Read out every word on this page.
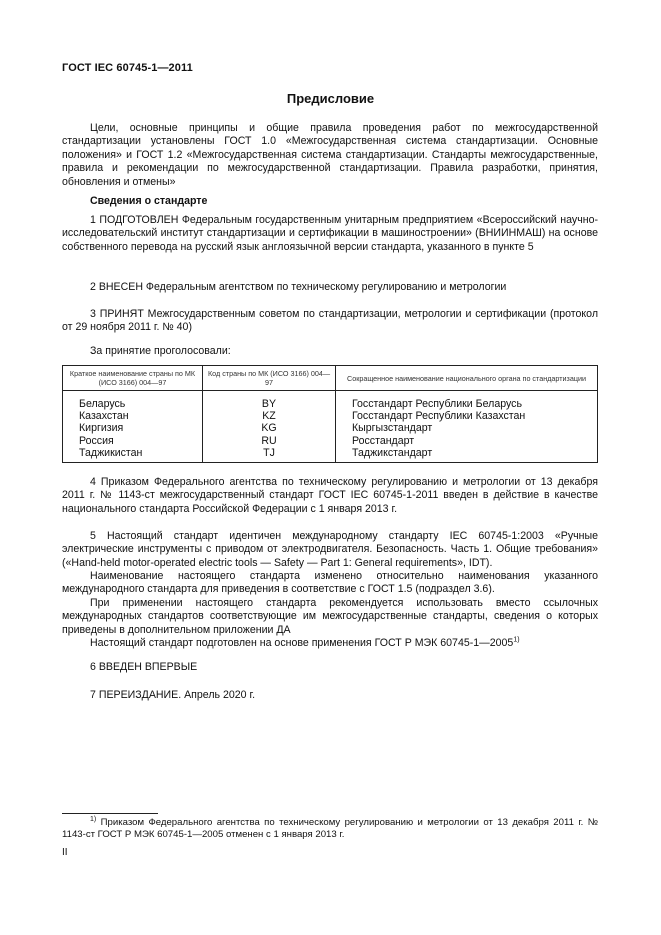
ГОСТ IEC 60745-1—2011
Предисловие
Цели, основные принципы и общие правила проведения работ по межгосударственной стандартизации установлены ГОСТ 1.0 «Межгосударственная система стандартизации. Основные положения» и ГОСТ 1.2 «Межгосударственная система стандартизации. Стандарты межгосударственные, правила и рекомендации по межгосударственной стандартизации. Правила разработки, принятия, обновления и отмены»
Сведения о стандарте
1 ПОДГОТОВЛЕН Федеральным государственным унитарным предприятием «Всероссийский научно-исследовательский институт стандартизации и сертификации в машиностроении» (ВНИИНМАШ) на основе собственного перевода на русский язык англоязычной версии стандарта, указанного в пункте 5
2 ВНЕСЕН Федеральным агентством по техническому регулированию и метрологии
3 ПРИНЯТ Межгосударственным советом по стандартизации, метрологии и сертификации (протокол от 29 ноября 2011 г. № 40)
За принятие проголосовали:
Краткое наименование страны по МК (ИСО 3166) 004—97	Код страны по МК (ИСО 3166) 004—97	Сокращенное наименование национального органа по стандартизации
Беларусь	BY	Госстандарт Республики Беларусь
Казахстан	KZ	Госстандарт Республики Казахстан
Киргизия	KG	Кыргызстандарт
Россия	RU	Росстандарт
Таджикистан	TJ	Таджикстандарт
4 Приказом Федерального агентства по техническому регулированию и метрологии от 13 декабря 2011 г. № 1143-ст межгосударственный стандарт ГОСТ IEC 60745-1-2011 введен в действие в качестве национального стандарта Российской Федерации с 1 января 2013 г.
5 Настоящий стандарт идентичен международному стандарту IEC 60745-1:2003 «Ручные электрические инструменты с приводом от электродвигателя. Безопасность. Часть 1. Общие требования» («Hand-held motor-operated electric tools — Safety — Part 1: General requirements», IDT).
Наименование настоящего стандарта изменено относительно наименования указанного международного стандарта для приведения в соответствие с ГОСТ 1.5 (подраздел 3.6).
При применении настоящего стандарта рекомендуется использовать вместо ссылочных международных стандартов соответствующие им межгосударственные стандарты, сведения о которых приведены в дополнительном приложении ДА
Настоящий стандарт подготовлен на основе применения ГОСТ Р МЭК 60745-1—2005$^{1)}$
6 ВВЕДЕН ВПЕРВЫЕ
7 ПЕРЕИЗДАНИЕ. Апрель 2020 г.
$^{1)}$ Приказом Федерального агентства по техническому регулированию и метрологии от 13 декабря 2011 г. № 1143-ст ГОСТ Р МЭК 60745-1—2005 отменен с 1 января 2013 г.
II
